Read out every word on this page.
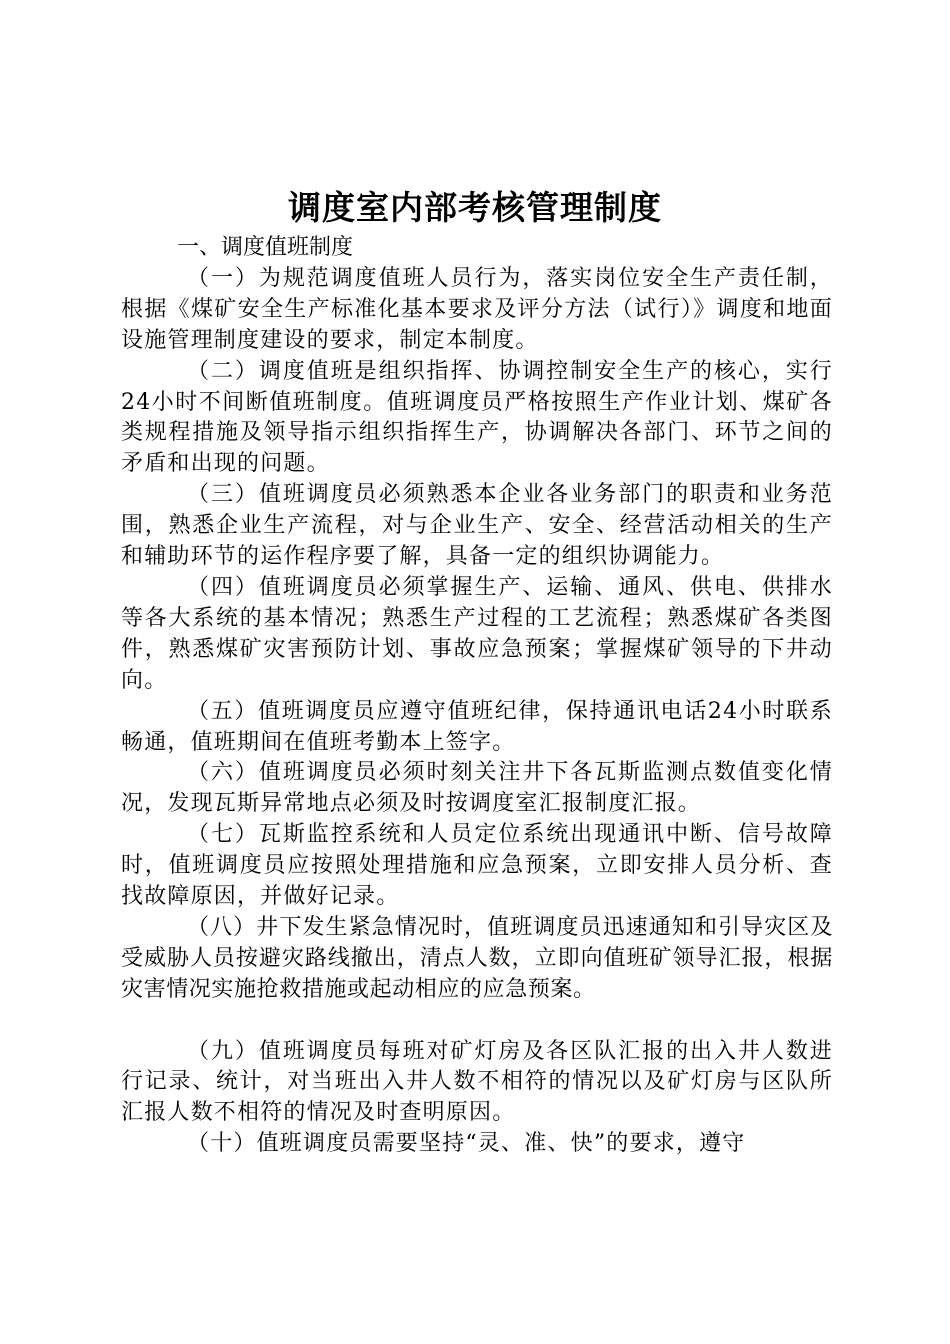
调度室内部考核管理制度

一、调度值班制度

（一）为规范调度值班人员行为，落实岗位安全生产责任制，根据《煤矿安全生产标准化基本要求及评分方法（试行）》调度和地面设施管理制度建设的要求，制定本制度。

（二）调度值班是组织指挥、协调控制安全生产的核心，实行24小时不间断值班制度。值班调度员严格按照生产作业计划、煤矿各类规程措施及领导指示组织指挥生产，协调解决各部门、环节之间的矛盾和出现的问题。

（三）值班调度员必须熟悉本企业各业务部门的职责和业务范围，熟悉企业生产流程，对与企业生产、安全、经营活动相关的生产和辅助环节的运作程序要了解，具备一定的组织协调能力。

（四）值班调度员必须掌握生产、运输、通风、供电、供排水等各大系统的基本情况；熟悉生产过程的工艺流程；熟悉煤矿各类图件，熟悉煤矿灾害预防计划、事故应急预案；掌握煤矿领导的下井动向。

（五）值班调度员应遵守值班纪律，保持通讯电话24小时联系畅通，值班期间在值班考勤本上签字。

（六）值班调度员必须时刻关注井下各瓦斯监测点数值变化情况，发现瓦斯异常地点必须及时按调度室汇报制度汇报。

（七）瓦斯监控系统和人员定位系统出现通讯中断、信号故障时，值班调度员应按照处理措施和应急预案，立即安排人员分析、查找故障原因，并做好记录。

（八）井下发生紧急情况时，值班调度员迅速通知和引导灾区及受威胁人员按避灾路线撤出，清点人数，立即向值班矿领导汇报，根据灾害情况实施抢救措施或起动相应的应急预案。

（九）值班调度员每班对矿灯房及各区队汇报的出入井人数进行记录、统计，对当班出入井人数不相符的情况以及矿灯房与区队所汇报人数不相符的情况及时查明原因。

（十）值班调度员需要坚持“灵、准、快”的要求，遵守
